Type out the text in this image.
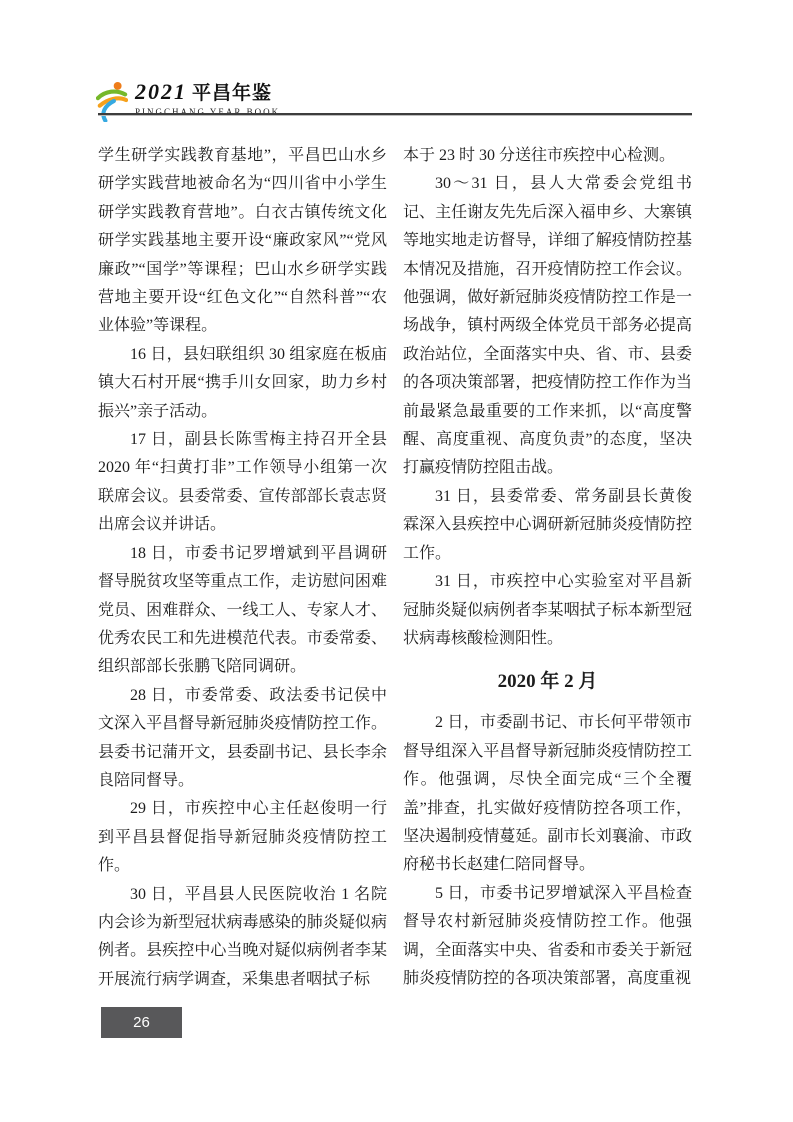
2021 平昌年鉴
PINGCHANG YEAR BOOK

学生研学实践教育基地”，平昌巴山水乡研学实践营地被命名为“四川省中小学生研学实践教育营地”。白衣古镇传统文化研学实践基地主要开设“廉政家风”“党风廉政”“国学”等课程；巴山水乡研学实践营地主要开设“红色文化”“自然科普”“农业体验”等课程。

16 日，县妇联组织 30 组家庭在板庙镇大石村开展“携手川女回家，助力乡村振兴”亲子活动。

17 日，副县长陈雪梅主持召开全县 2020 年“扫黄打非”工作领导小组第一次联席会议。县委常委、宣传部部长袁志贤出席会议并讲话。

18 日，市委书记罗增斌到平昌调研督导脱贫攻坚等重点工作，走访慰问困难党员、困难群众、一线工人、专家人才、优秀农民工和先进模范代表。市委常委、组织部部长张鹏飞陪同调研。

28 日，市委常委、政法委书记侯中文深入平昌督导新冠肺炎疫情防控工作。县委书记蒲开文，县委副书记、县长李余良陪同督导。

29 日，市疾控中心主任赵俊明一行到平昌县督促指导新冠肺炎疫情防控工作。

30 日，平昌县人民医院收治 1 名院内会诊为新型冠状病毒感染的肺炎疑似病例者。县疾控中心当晚对疑似病例者李某开展流行病学调查，采集患者咽拭子标

本于 23 时 30 分送往市疾控中心检测。

30～31 日，县人大常委会党组书记、主任谢友先先后深入福申乡、大寨镇等地实地走访督导，详细了解疫情防控基本情况及措施，召开疫情防控工作会议。他强调，做好新冠肺炎疫情防控工作是一场战争，镇村两级全体党员干部务必提高政治站位，全面落实中央、省、市、县委的各项决策部署，把疫情防控工作作为当前最紧急最重要的工作来抓，以“高度警醒、高度重视、高度负责”的态度，坚决打赢疫情防控阻击战。

31 日，县委常委、常务副县长黄俊霖深入县疾控中心调研新冠肺炎疫情防控工作。

31 日，市疾控中心实验室对平昌新冠肺炎疑似病例者李某咽拭子标本新型冠状病毒核酸检测阳性。

2020 年 2 月

2 日，市委副书记、市长何平带领市督导组深入平昌督导新冠肺炎疫情防控工作。他强调，尽快全面完成“三个全覆盖”排查，扎实做好疫情防控各项工作，坚决遏制疫情蔓延。副市长刘襄渝、市政府秘书长赵建仁陪同督导。

5 日，市委书记罗增斌深入平昌检查督导农村新冠肺炎疫情防控工作。他强调，全面落实中央、省委和市委关于新冠肺炎疫情防控的各项决策部署，高度重视

26
